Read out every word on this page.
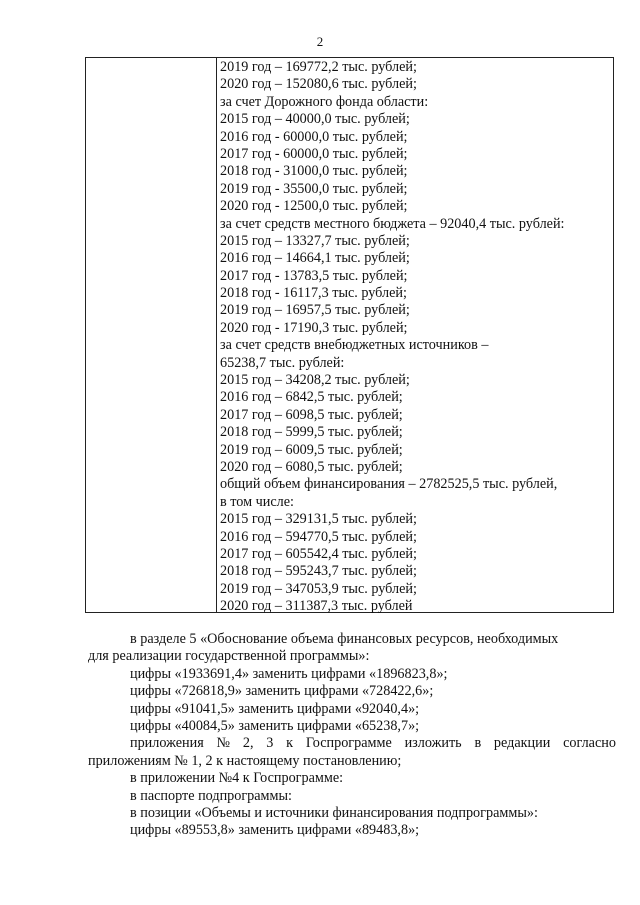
2
2019 год – 169772,2 тыс. рублей;
2020 год – 152080,6 тыс. рублей;
за счет Дорожного фонда области:
2015 год – 40000,0 тыс. рублей;
2016 год - 60000,0 тыс. рублей;
2017 год - 60000,0 тыс. рублей;
2018 год - 31000,0 тыс. рублей;
2019 год - 35500,0 тыс. рублей;
2020 год - 12500,0 тыс. рублей;
за счет средств местного бюджета – 92040,4 тыс. рублей:
2015 год – 13327,7 тыс. рублей;
2016 год – 14664,1 тыс. рублей;
2017 год - 13783,5 тыс. рублей;
2018 год - 16117,3 тыс. рублей;
2019 год – 16957,5 тыс. рублей;
2020 год - 17190,3 тыс. рублей;
за счет средств внебюджетных источников –
65238,7 тыс. рублей:
2015 год – 34208,2 тыс. рублей;
2016 год – 6842,5 тыс. рублей;
2017 год – 6098,5 тыс. рублей;
2018 год – 5999,5 тыс. рублей;
2019 год – 6009,5 тыс. рублей;
2020 год – 6080,5 тыс. рублей;
общий объем финансирования – 2782525,5 тыс. рублей,
в том числе:
2015 год – 329131,5 тыс. рублей;
2016 год – 594770,5 тыс. рублей;
2017 год – 605542,4 тыс. рублей;
2018 год – 595243,7 тыс. рублей;
2019 год – 347053,9 тыс. рублей;
2020 год – 311387,3 тыс. рублей
в разделе 5 «Обоснование объема финансовых ресурсов, необходимых
для реализации государственной программы»:
цифры «1933691,4» заменить цифрами «1896823,8»;
цифры «726818,9» заменить цифрами «728422,6»;
цифры «91041,5» заменить цифрами «92040,4»;
цифры «40084,5» заменить цифрами «65238,7»;
приложения № 2, 3 к Госпрограмме изложить в редакции согласно
приложениям № 1, 2 к настоящему постановлению;
в приложении №4 к Госпрограмме:
в паспорте подпрограммы:
в позиции «Объемы и источники финансирования подпрограммы»:
цифры «89553,8» заменить цифрами «89483,8»;
